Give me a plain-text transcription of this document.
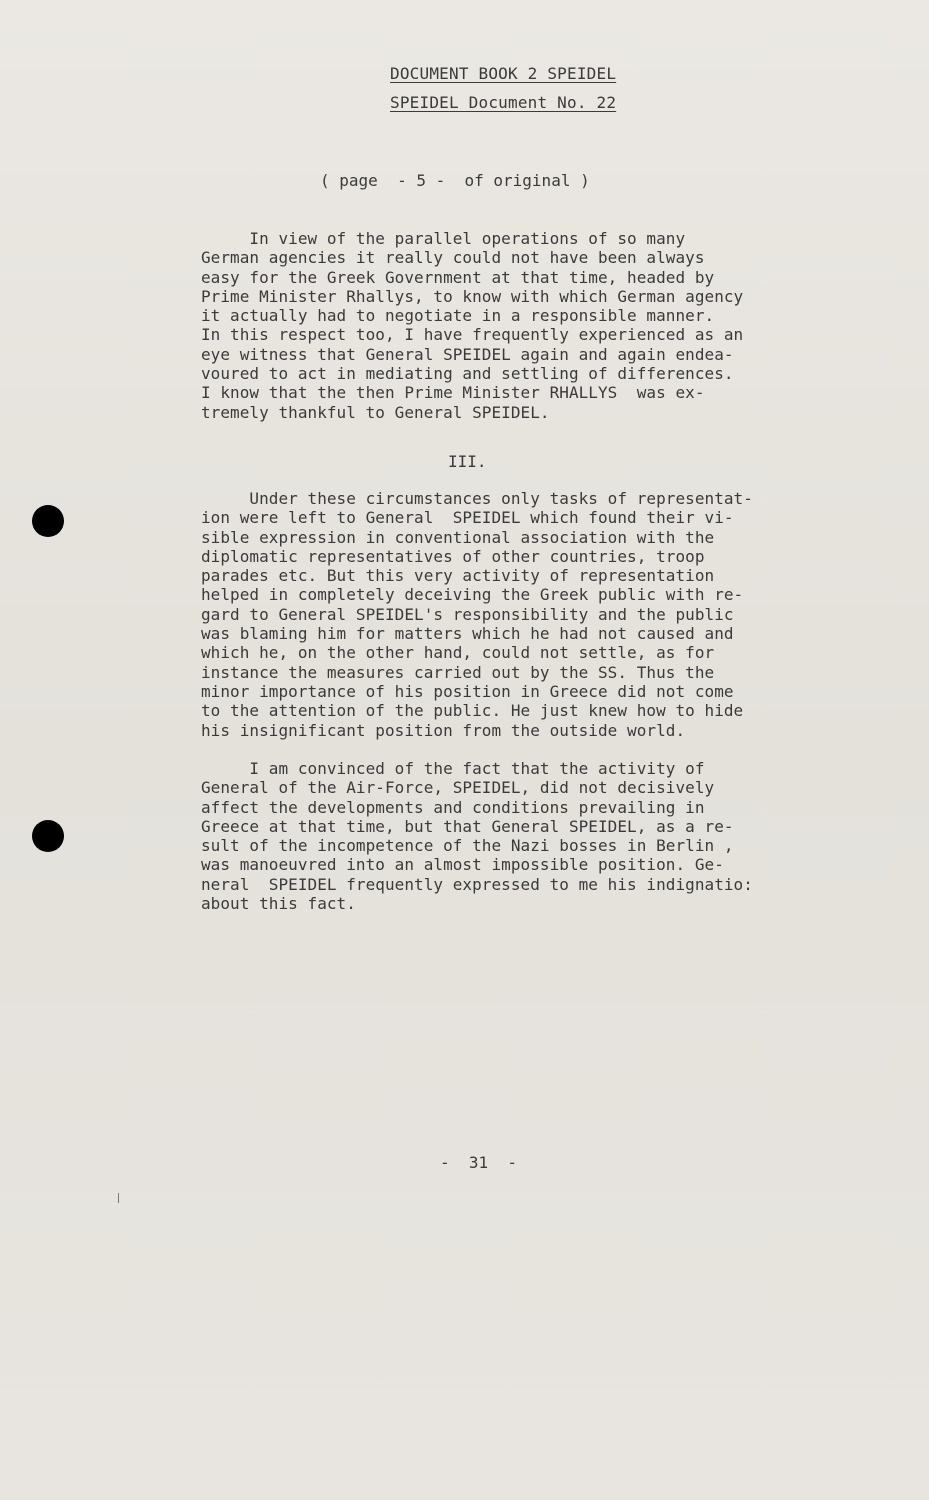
DOCUMENT BOOK 2 SPEIDEL
SPEIDEL Document No. 22
( page  - 5 -  of original )
In view of the parallel operations of so many
German agencies it really could not have been always
easy for the Greek Government at that time, headed by
Prime Minister Rhallys, to know with which German agency
it actually had to negotiate in a responsible manner.
In this respect too, I have frequently experienced as an
eye witness that General SPEIDEL again and again endea-
voured to act in mediating and settling of differences.
I know that the then Prime Minister RHALLYS  was ex-
tremely thankful to General SPEIDEL.
III.
Under these circumstances only tasks of representat-
ion were left to General  SPEIDEL which found their vi-
sible expression in conventional association with the
diplomatic representatives of other countries, troop
parades etc. But this very activity of representation
helped in completely deceiving the Greek public with re-
gard to General SPEIDEL's responsibility and the public
was blaming him for matters which he had not caused and
which he, on the other hand, could not settle, as for
instance the measures carried out by the SS. Thus the
minor importance of his position in Greece did not come
to the attention of the public. He just knew how to hide
his insignificant position from the outside world.
I am convinced of the fact that the activity of
General of the Air-Force, SPEIDEL, did not decisively
affect the developments and conditions prevailing in
Greece at that time, but that General SPEIDEL, as a re-
sult of the incompetence of the Nazi bosses in Berlin ,
was manoeuvred into an almost impossible position. Ge-
neral  SPEIDEL frequently expressed to me his indignatio:
about this fact.
-  31  -
